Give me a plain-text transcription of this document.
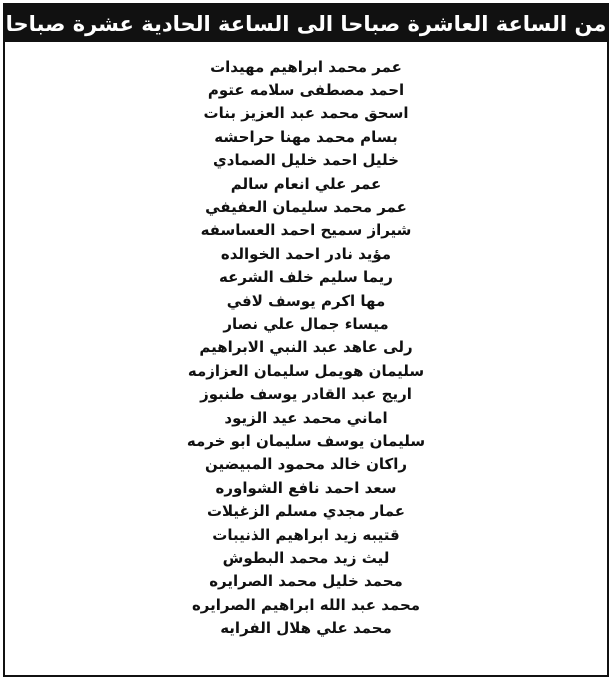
من الساعة العاشرة صباحا الى الساعة الحادية عشرة صباحا
عمر محمد ابراهيم مهيدات
احمد مصطفى سلامه عتوم
اسحق محمد عبد العزيز بنات
بسام محمد مهنا حراحشه
خليل احمد خليل الصمادي
عمر علي انعام سالم
عمر محمد سليمان العفيفي
شيراز سميح احمد العساسفه
مؤيد نادر احمد الخوالده
ريما سليم خلف الشرعه
مها اكرم يوسف لافي
ميساء جمال علي نصار
رلى عاهد عبد النبي الابراهيم
سليمان هويمل سليمان العزازمه
اريج عبد القادر يوسف طنبوز
اماني محمد عيد الزيود
سليمان يوسف سليمان ابو خرمه
راكان خالد محمود المبيضين
سعد احمد نافع الشواوره
عمار مجدي مسلم الزغيلات
قتيبه زيد ابراهيم الذنيبات
ليث زيد محمد البطوش
محمد خليل محمد الصرايره
محمد عبد الله ابراهيم الصرايره
محمد علي هلال الفرايه
